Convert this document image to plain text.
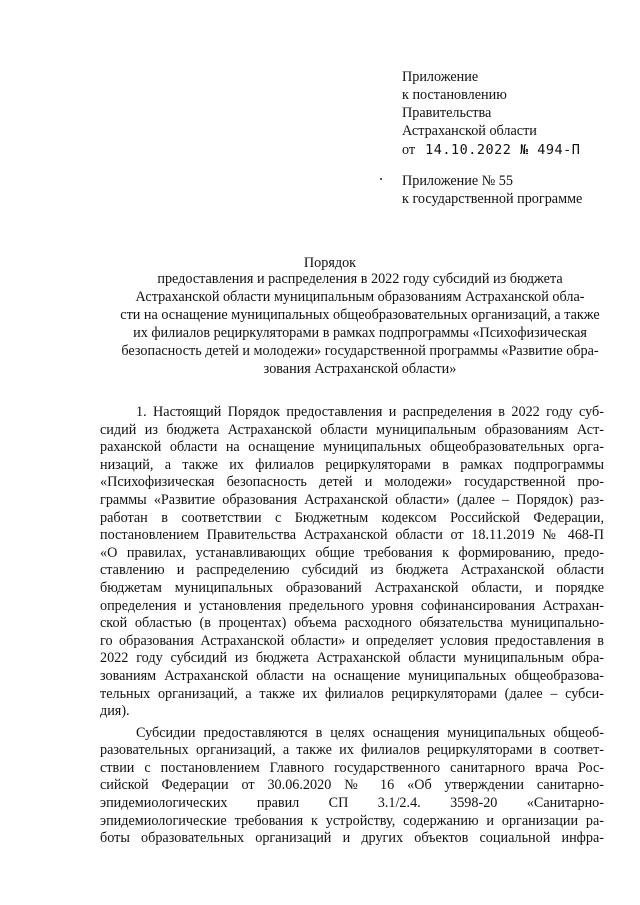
Приложение
к постановлению
Правительства
Астраханской области
от 14.10.2022 № 494-П
Приложение № 55
к государственной программе
Порядок
предоставления и распределения в 2022 году субсидий из бюджета
Астраханской области муниципальным образованиям Астраханской обла-
сти на оснащение муниципальных общеобразовательных организаций, а также
их филиалов рециркуляторами в рамках подпрограммы «Психофизическая
безопасность детей и молодежи» государственной программы «Развитие обра-
зования Астраханской области»
1. Настоящий Порядок предоставления и распределения в 2022 году суб-
сидий из бюджета Астраханской области муниципальным образованиям Аст-
раханской области на оснащение муниципальных общеобразовательных орга-
низаций, а также их филиалов рециркуляторами в рамках подпрограммы
«Психофизическая безопасность детей и молодежи» государственной про-
граммы «Развитие образования Астраханской области» (далее – Порядок) раз-
работан в соответствии с Бюджетным кодексом Российской Федерации,
постановлением Правительства Астраханской области от 18.11.2019 № 468-П
«О правилах, устанавливающих общие требования к формированию, предо-
ставлению и распределению субсидий из бюджета Астраханской области
бюджетам муниципальных образований Астраханской области, и порядке
определения и установления предельного уровня софинансирования Астрахан-
ской областью (в процентах) объема расходного обязательства муниципально-
го образования Астраханской области» и определяет условия предоставления в
2022 году субсидий из бюджета Астраханской области муниципальным обра-
зованиям Астраханской области на оснащение муниципальных общеобразова-
тельных организаций, а также их филиалов рециркуляторами (далее – субси-
дия).
Субсидии предоставляются в целях оснащения муниципальных общеоб-
разовательных организаций, а также их филиалов рециркуляторами в соответ-
ствии с постановлением Главного государственного санитарного врача Рос-
сийской Федерации от 30.06.2020 № 16 «Об утверждении санитарно-
эпидемиологических правил СП 3.1/2.4. 3598-20 «Санитарно-
эпидемиологические требования к устройству, содержанию и организации ра-
боты образовательных организаций и других объектов социальной инфра-
